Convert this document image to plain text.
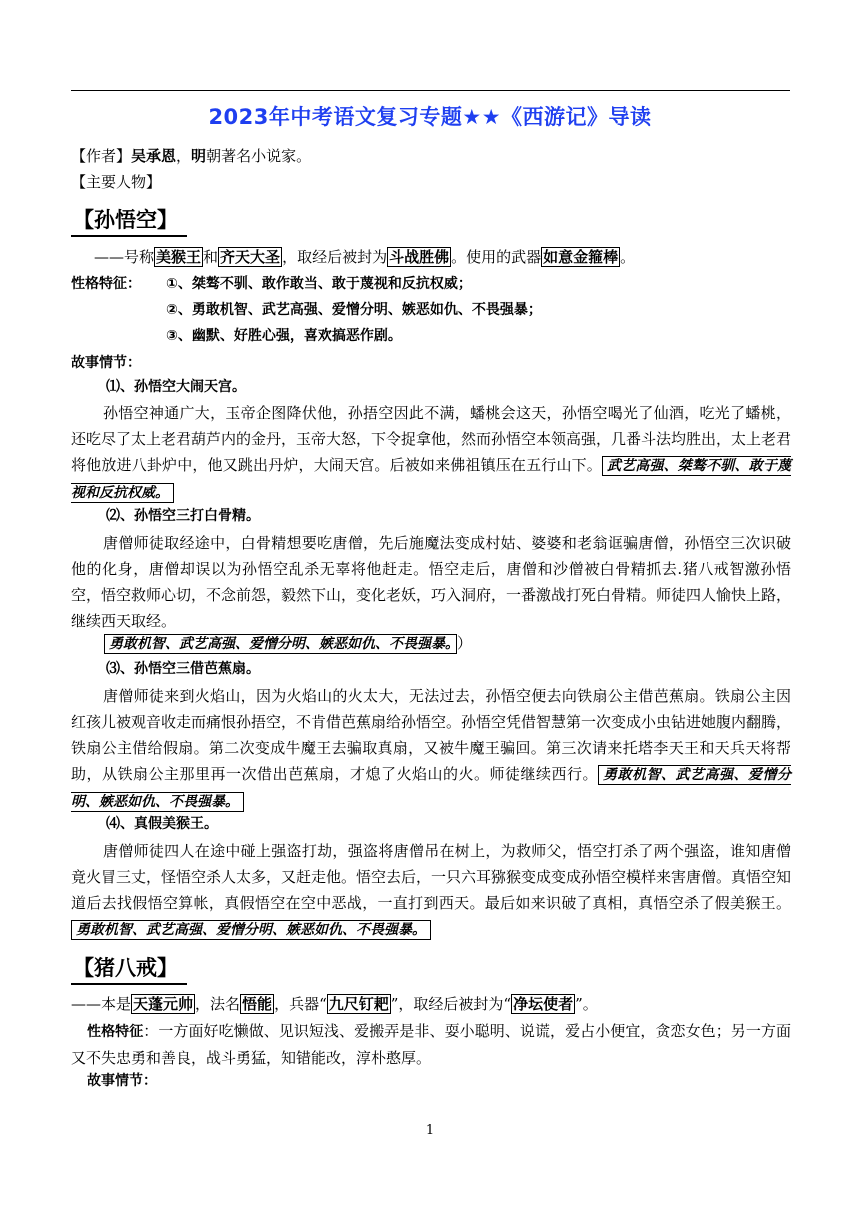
2023年中考语文复习专题★★《西游记》导读
【作者】吴承恩，明朝著名小说家。
【主要人物】
【孙悟空】
——号称 美猴王 和 齐天大圣 ，取经后被封为 斗战胜佛 。使用的武器 如意金箍棒 。
性格特征： ①、桀骜不驯、敢作敢当、敢于蔑视和反抗权威；
②、勇敢机智、武艺高强、爱憎分明、嫉恶如仇、不畏强暴；
③、幽默、好胜心强，喜欢搞恶作剧。
故事情节：
⑴、孙悟空大闹天宫。
孙悟空神通广大，玉帝企图降伏他，孙捂空因此不满，蟠桃会这天，孙悟空喝光了仙酒，吃光了蟠桃，还吃尽了太上老君葫芦内的金丹，玉帝大怒，下令捉拿他，然而孙悟空本领高强，几番斗法均胜出，太上老君将他放进八卦炉中，他又跳出丹炉，大闹天宫。后被如来佛祖镇压在五行山下。 武艺高强、桀骜不驯、敢于蔑视和反抗权威。
⑵、孙悟空三打白骨精。
唐僧师徒取经途中，白骨精想要吃唐僧，先后施魔法变成村姑、婆婆和老翁诓骗唐僧，孙悟空三次识破他的化身，唐僧却误以为孙悟空乱杀无辜将他赶走。悟空走后，唐僧和沙僧被白骨精抓去.猪八戒智激孙悟空，悟空救师心切，不念前怨，毅然下山，变化老妖，巧入洞府，一番激战打死白骨精。师徒四人愉快上路，继续西天取经。
勇敢机智、武艺高强、爱憎分明、嫉恶如仇、不畏强暴。 ）
⑶、孙悟空三借芭蕉扇。
唐僧师徒来到火焰山，因为火焰山的火太大，无法过去，孙悟空便去向铁扇公主借芭蕉扇。铁扇公主因红孩儿被观音收走而痛恨孙捂空，不肯借芭蕉扇给孙悟空。孙悟空凭借智慧第一次变成小虫钻进她腹内翻腾，铁扇公主借给假扇。第二次变成牛魔王去骗取真扇，又被牛魔王骗回。第三次请来托塔李天王和天兵天将帮助，从铁扇公主那里再一次借出芭蕉扇，才熄了火焰山的火。师徒继续西行。 勇敢机智、武艺高强、爱憎分明、嫉恶如仇、不畏强暴。
⑷、真假美猴王。
唐僧师徒四人在途中碰上强盗打劫，强盗将唐僧吊在树上，为救师父，悟空打杀了两个强盗，谁知唐僧竟火冒三丈，怪悟空杀人太多，又赶走他。悟空去后，一只六耳猕猴变成变成孙悟空模样来害唐僧。真悟空知道后去找假悟空算帐，真假悟空在空中恶战，一直打到西天。最后如来识破了真相，真悟空杀了假美猴王。勇敢机智、武艺高强、爱憎分明、嫉恶如仇、不畏强暴。
【猪八戒】
——本是 天蓬元帅 ，法名 悟能 ，兵器“ 九尺钉耙 ”，取经后被封为“ 净坛使者 ”。
性格特征：一方面好吃懒做、见识短浅、爱搬弄是非、耍小聪明、说谎，爱占小便宜，贪恋女色；另一方面又不失忠勇和善良，战斗勇猛，知错能改，淳朴憨厚。
故事情节：
1
